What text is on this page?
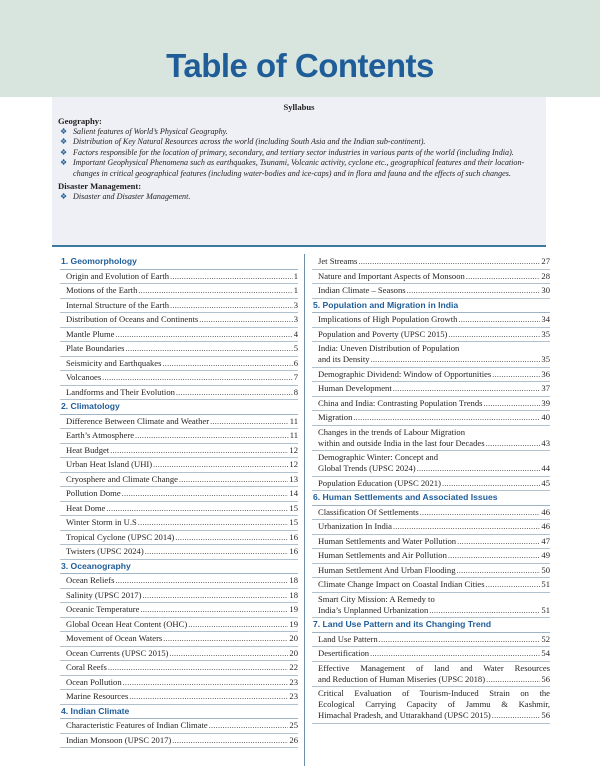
Table of Contents
Syllabus
Geography:
❖ Salient features of World’s Physical Geography.
❖ Distribution of Key Natural Resources across the world (including South Asia and the Indian sub-continent).
❖ Factors responsible for the location of primary, secondary, and tertiary sector industries in various parts of the world (including India).
❖ Important Geophysical Phenomena such as earthquakes, Tsunami, Volcanic activity, cyclone etc., geographical features and their location-changes in critical geographical features (including water-bodies and ice-caps) and in flora and fauna and the effects of such changes.
Disaster Management:
❖ Disaster and Disaster Management.
1. Geomorphology
Origin and Evolution of Earth .....	1
Motions of the Earth .....	1
Internal Structure of the Earth .....	3
Distribution of Oceans and Continents .....	3
Mantle Plume .....	4
Plate Boundaries .....	5
Seismicity and Earthquakes .....	6
Volcanoes .....	7
Landforms and Their Evolution .....	8
2. Climatology
Difference Between Climate and Weather .....	11
Earth’s Atmosphere .....	11
Heat Budget .....	12
Urban Heat Island (UHI) .....	12
Cryosphere and Climate Change .....	13
Pollution Dome .....	14
Heat Dome .....	15
Winter Storm in U.S .....	15
Tropical Cyclone (UPSC 2014) .....	16
Twisters (UPSC 2024) .....	16
3. Oceanography
Ocean Reliefs .....	18
Salinity (UPSC 2017) .....	18
Oceanic Temperature .....	19
Global Ocean Heat Content (OHC) .....	19
Movement of Ocean Waters .....	20
Ocean Currents (UPSC 2015) .....	20
Coral Reefs .....	22
Ocean Pollution .....	23
Marine Resources .....	23
4. Indian Climate
Characteristic Features of Indian Climate .....	25
Indian Monsoon (UPSC 2017) .....	26
Jet Streams .....	27
Nature and Important Aspects of Monsoon .....	28
Indian Climate – Seasons .....	30
5. Population and Migration in India
Implications of High Population Growth .....	34
Population and Poverty (UPSC 2015) .....	35
India: Uneven Distribution of Population
and its Density .....	35
Demographic Dividend: Window of Opportunities .....	36
Human Development .....	37
China and India: Contrasting Population Trends .....	39
Migration .....	40
Changes in the trends of Labour Migration
within and outside India in the last four Decades .....	43
Demographic Winter: Concept and
Global Trends (UPSC 2024) .....	44
Population Education (UPSC 2021) .....	45
6. Human Settlements and Associated Issues
Classification Of Settlements .....	46
Urbanization In India .....	46
Human Settlements and Water Pollution .....	47
Human Settlements and Air Pollution .....	49
Human Settlement And Urban Flooding .....	50
Climate Change Impact on Coastal Indian Cities .....	51
Smart City Mission: A Remedy to
India’s Unplanned Urbanization .....	51
7. Land Use Pattern and its Changing Trend
Land Use Pattern .....	52
Desertification .....	54
Effective Management of land and Water Resources
and Reduction of Human Miseries (UPSC 2018) .....	56
Critical Evaluation of Tourism-Induced Strain on the
Ecological Carrying Capacity of Jammu & Kashmir,
Himachal Pradesh, and Uttarakhand (UPSC 2015) .....	56
